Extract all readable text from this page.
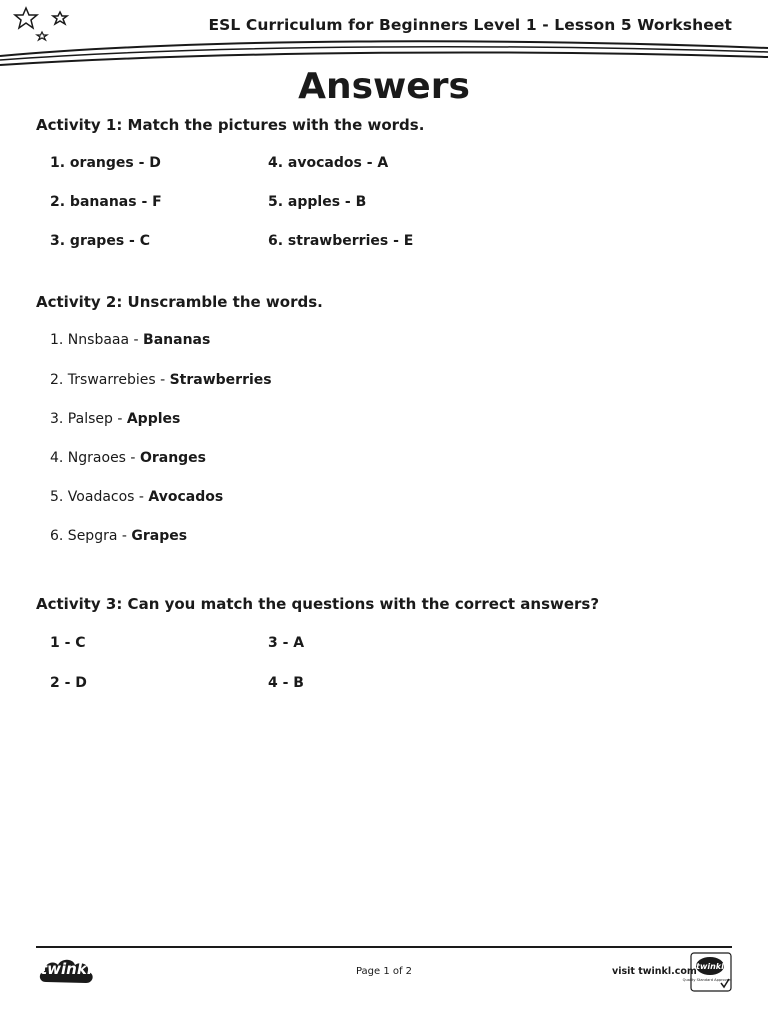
ESL Curriculum for Beginners Level 1 - Lesson 5 Worksheet
Answers
Activity 1: Match the pictures with the words.
1. oranges - D
2. bananas - F
3. grapes - C
4. avocados - A
5. apples - B
6. strawberries - E
Activity 2: Unscramble the words.
1. Nnsbaaa - Bananas
2. Trswarrebies - Strawberries
3. Palsep - Apples
4. Ngraoes - Oranges
5. Voadacos - Avocados
6. Sepgra - Grapes
Activity 3: Can you match the questions with the correct answers?
1 - C
2 - D
3 - A
4 - B
twinkl	Page 1 of 2	visit twinkl.com twinkl
Quality Standard Approved
